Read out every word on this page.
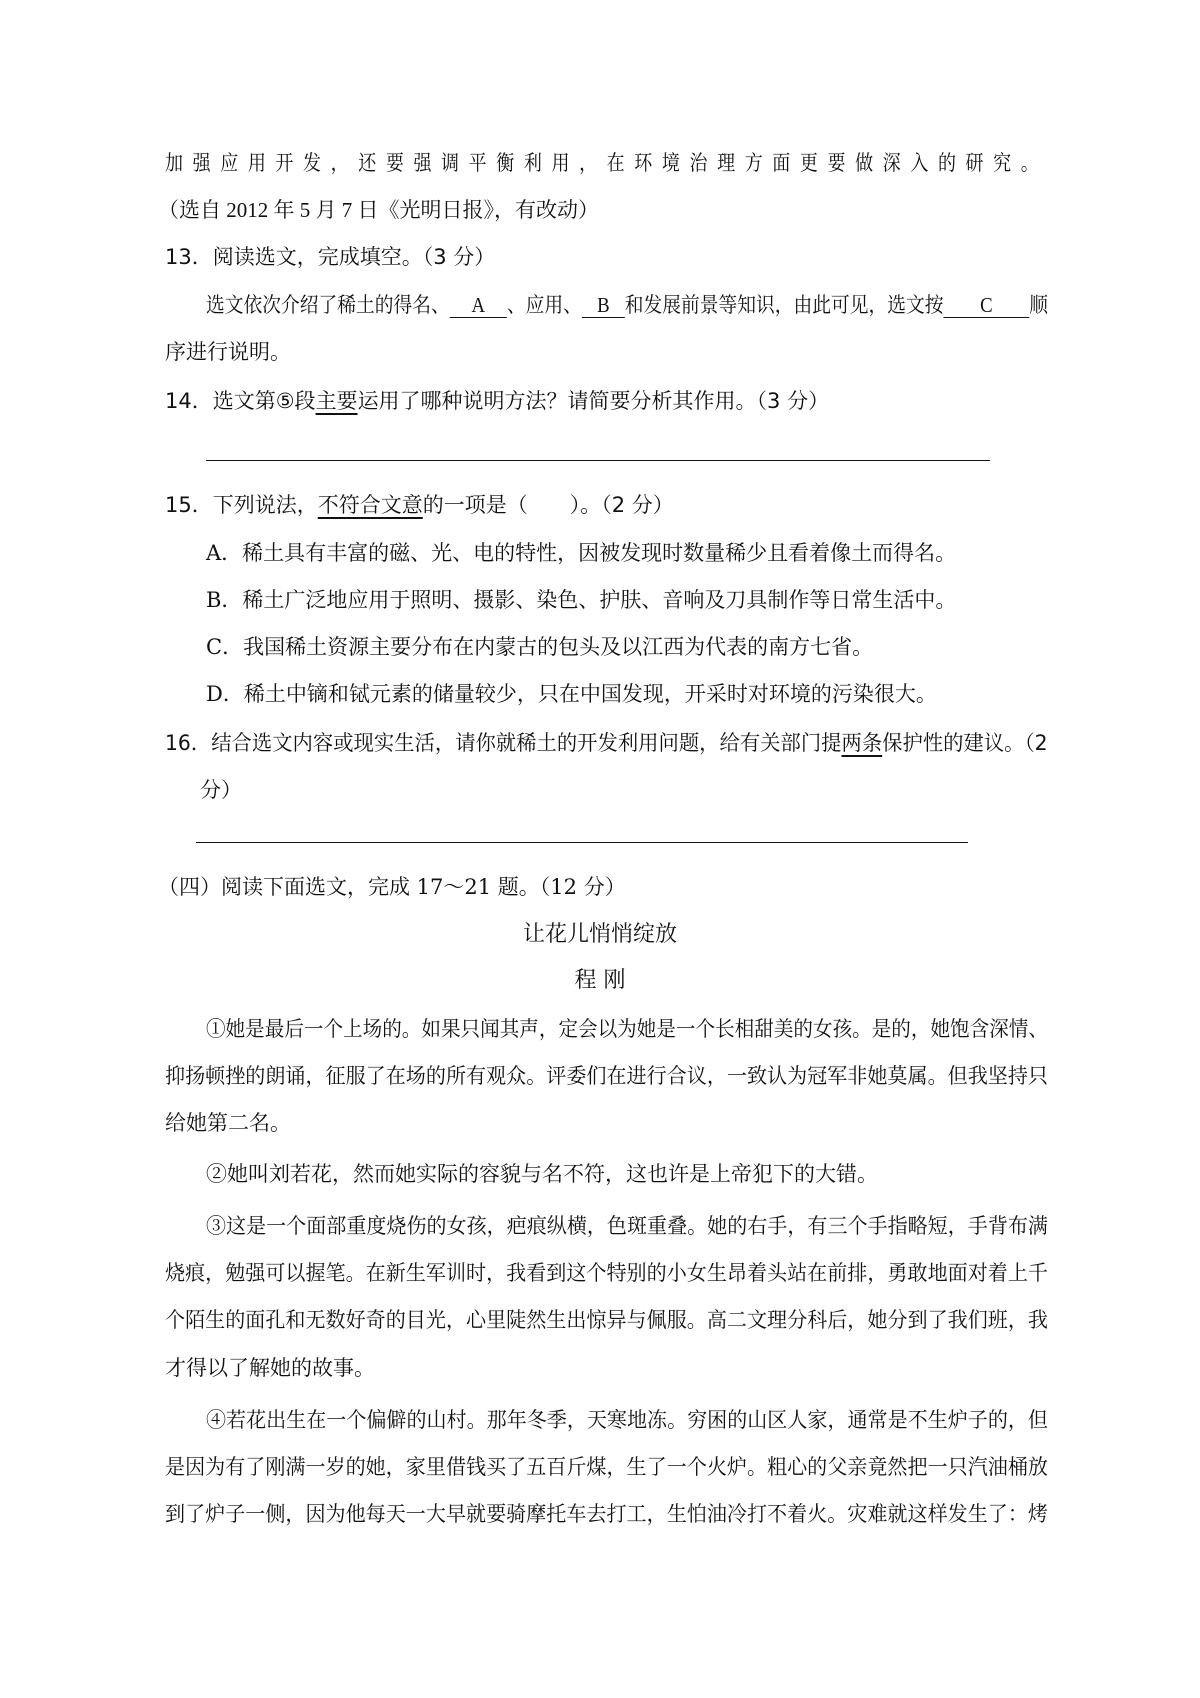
加强应用开发，还要强调平衡利用，在环境治理方面更要做深入的研究。
（选自 2012 年 5 月 7 日《光明日报》，有改动）
13．阅读选文，完成填空。（3 分）
选文依次介绍了稀土的得名、 A 、应用、 B 和发展前景等知识，由此可见，选文按 C 顺
序进行说明。
14．选文第⑤段主要运用了哪种说明方法？请简要分析其作用。（3 分）
15．下列说法，不符合文意的一项是（　　）。（2 分）
A．稀土具有丰富的磁、光、电的特性，因被发现时数量稀少且看着像土而得名。
B．稀土广泛地应用于照明、摄影、染色、护肤、音响及刀具制作等日常生活中。
C．我国稀土资源主要分布在内蒙古的包头及以江西为代表的南方七省。
D．稀土中镝和铽元素的储量较少，只在中国发现，开采时对环境的污染很大。
16．结合选文内容或现实生活，请你就稀土的开发利用问题，给有关部门提两条保护性的建议。（2
分）
（四）阅读下面选文，完成 17～21 题。（12 分）
让花儿悄悄绽放
程 刚
①她是最后一个上场的。如果只闻其声，定会以为她是一个长相甜美的女孩。是的，她饱含深情、
抑扬顿挫的朗诵，征服了在场的所有观众。评委们在进行合议，一致认为冠军非她莫属。但我坚持只
给她第二名。
②她叫刘若花，然而她实际的容貌与名不符，这也许是上帝犯下的大错。
③这是一个面部重度烧伤的女孩，疤痕纵横，色斑重叠。她的右手，有三个手指略短，手背布满
烧痕，勉强可以握笔。在新生军训时，我看到这个特别的小女生昂着头站在前排，勇敢地面对着上千
个陌生的面孔和无数好奇的目光，心里陡然生出惊异与佩服。高二文理分科后，她分到了我们班，我
才得以了解她的故事。
④若花出生在一个偏僻的山村。那年冬季，天寒地冻。穷困的山区人家，通常是不生炉子的，但
是因为有了刚满一岁的她，家里借钱买了五百斤煤，生了一个火炉。粗心的父亲竟然把一只汽油桶放
到了炉子一侧，因为他每天一大早就要骑摩托车去打工，生怕油冷打不着火。灾难就这样发生了：烤
